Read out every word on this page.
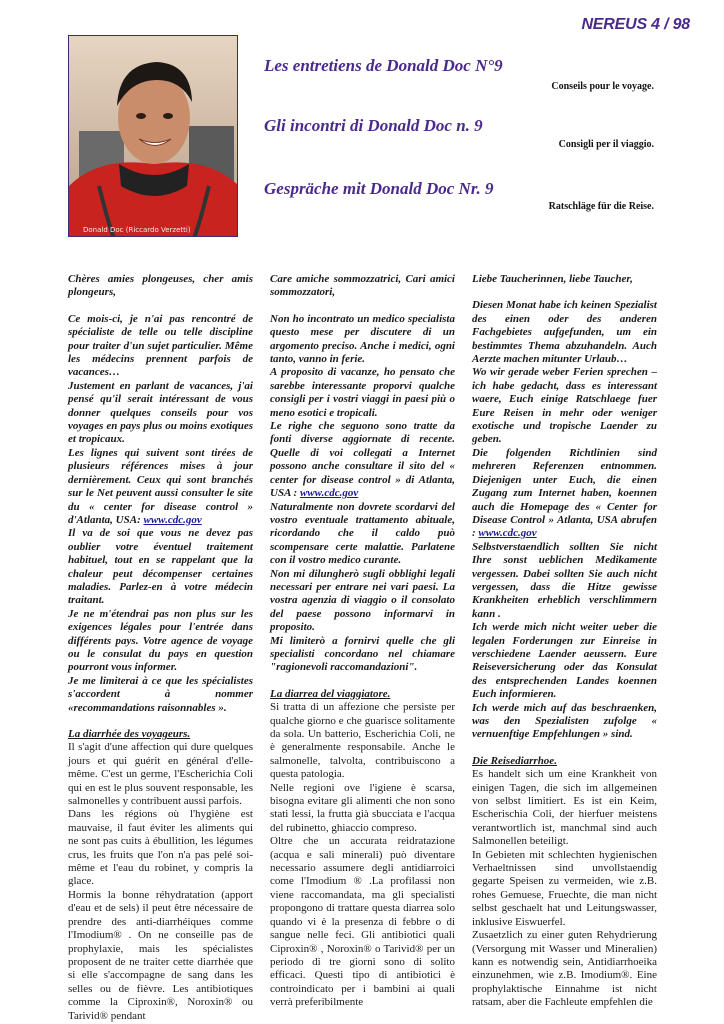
NEREUS 4 / 98
Donald Doc (Riccardo Verzetti)
Les entretiens de Donald Doc N°9
Conseils pour le voyage.
Gli incontri di Donald Doc n. 9
Consigli per il viaggio.
Gespräche mit Donald Doc Nr. 9
Ratschläge für die Reise.

Chères amies plongeuses, cher amis plongeurs,

Ce mois-ci, je n'ai pas rencontré de spécialiste de telle ou telle discipline pour traiter d'un sujet particulier. Même les médecins prennent parfois de vacances…

Justement en parlant de vacances, j'ai pensé qu'il serait intéressant de vous donner quelques conseils pour vos voyages en pays plus ou moins exotiques et tropicaux.

Les lignes qui suivent sont tirées de plusieurs références mises à jour dernièrement. Ceux qui sont branchés sur le Net peuvent aussi consulter le site du « center for disease control » d'Atlanta, USA: www.cdc.gov

Il va de soi que vous ne devez pas oublier votre éventuel traitement habituel, tout en se rappelant que la chaleur peut décompenser certaines maladies. Parlez-en à votre médecin traitant.

Je ne m'étendrai pas non plus sur les exigences légales pour l'entrée dans différents pays. Votre agence de voyage ou le consulat du pays en question pourront vous informer.

Je me limiterai à ce que les spécialistes s'accordent à nommer «recommandations raisonnables ».

La diarrhée des voyageurs.

Il s'agit d'une affection qui dure quelques jours et qui guérit en général d'elle-même. C'est un germe, l'Escherichia Coli qui en est le plus souvent responsable, les salmonelles y contribuent aussi parfois.

Dans les régions où l'hygiène est mauvaise, il faut éviter les aliments qui ne sont pas cuits à ébullition, les légumes crus, les fruits que l'on n'a pas pelé soi-même et l'eau du robinet, y compris la glace.

Hormis la bonne réhydratation (apport d'eau et de sels) il peut être nécessaire de prendre des anti-diarrhéiques comme l'Imodium® . On ne conseille pas de prophylaxie, mais les spécialistes proposent de ne traiter cette diarrhée que si elle s'accompagne de sang dans les selles ou de fièvre. Les antibiotiques comme la Ciproxin®, Noroxin® ou Tarivid® pendant

Care amiche sommozzatrici, Cari amici sommozzatori,

Non ho incontrato un medico specialista questo mese per discutere di un argomento preciso. Anche i medici, ogni tanto, vanno in ferie.

A proposito di vacanze, ho pensato che sarebbe interessante proporvi qualche consigli per i vostri viaggi in paesi più o meno esotici e tropicali.

Le righe che seguono sono tratte da fonti diverse aggiornate di recente. Quelle di voi collegati a Internet possono anche consultare il sito del « center for disease control » di Atlanta, USA : www.cdc.gov

Naturalmente non dovrete scordarvi del vostro eventuale trattamento abituale, ricordando che il caldo può scompensare certe malattie. Parlatene con il vostro medico curante.

Non mi dilungherò sugli obblighi legali necessari per entrare nei vari paesi. La vostra agenzia di viaggio o il consolato del paese possono informarvi in proposito.

Mi limiterò a fornirvi quelle che gli specialisti concordano nel chiamare "ragionevoli raccomandazioni".

La diarrea del viaggiatore.

Si tratta di un affezione che persiste per qualche giorno e che guarisce solitamente da sola. Un batterio, Escherichia Coli, ne è generalmente responsabile. Anche le salmonelle, talvolta, contribuiscono a questa patologia.

Nelle regioni ove l'igiene è scarsa, bisogna evitare gli alimenti che non sono stati lessi, la frutta già sbucciata e l'acqua del rubinetto, ghiaccio compreso.

Oltre che un accurata reidratazione (acqua e sali minerali) può diventare necessario assumere degli antidiarroici come l'Imodium ® .La profilassi non viene raccomandata, ma gli specialisti propongono di trattare questa diarrea solo quando vi è la presenza di febbre o di sangue nelle feci. Gli antibiotici quali Ciproxin® , Noroxin® o Tarivid® per un periodo di tre giorni sono di solito efficaci. Questi tipo di antibiotici è controindicato per i bambini ai quali verrà preferibilmente

Liebe Taucherinnen, liebe Taucher,

Diesen Monat habe ich keinen Spezialist des einen oder des anderen Fachgebietes aufgefunden, um ein bestimmtes Thema abzuhandeln. Auch Aerzte machen mitunter Urlaub…

Wo wir gerade weber Ferien sprechen – ich habe gedacht, dass es interessant waere, Euch einige Ratschlaege fuer Eure Reisen in mehr oder weniger exotische und tropische Laender zu geben.

Die folgenden Richtlinien sind mehreren Referenzen entnommen. Diejenigen unter Euch, die einen Zugang zum Internet haben, koennen auch die Homepage des « Center for Disease Control » Atlanta, USA abrufen : www.cdc.gov

Selbstverstaendlich sollten Sie nicht Ihre sonst ueblichen Medikamente vergessen. Dabei sollten Sie auch nicht vergessen, dass die Hitze gewisse Krankheiten erheblich verschlimmern kann .

Ich werde mich nicht weiter ueber die legalen Forderungen zur Einreise in verschiedene Laender aeussern. Eure Reiseversicherung oder das Konsulat des entsprechenden Landes koennen Euch informieren.

Ich werde mich auf das beschraenken, was den Spezialisten zufolge « vernuenftige Empfehlungen » sind.

Die Reisediarrhoe.

Es handelt sich um eine Krankheit von einigen Tagen, die sich im allgemeinen von selbst limitiert. Es ist ein Keim, Escherischia Coli, der hierfuer meistens verantwortlich ist, manchmal sind auch Salmonellen beteiligt.

In Gebieten mit schlechten hygienischen Verhaeltnissen sind unvollstaendig gegarte Speisen zu vermeiden, wie z.B. rohes Gemuese, Fruechte, die man nicht selbst geschaelt hat und Leitungswasser, inklusive Eiswuerfel.

Zusaetzlich zu einer guten Rehydrierung (Versorgung mit Wasser und Mineralien) kann es notwendig sein, Antidiarrhoeika einzunehmen, wie z.B. Imodium®. Eine prophylaktische Einnahme ist nicht ratsam, aber die Fachleute empfehlen die
